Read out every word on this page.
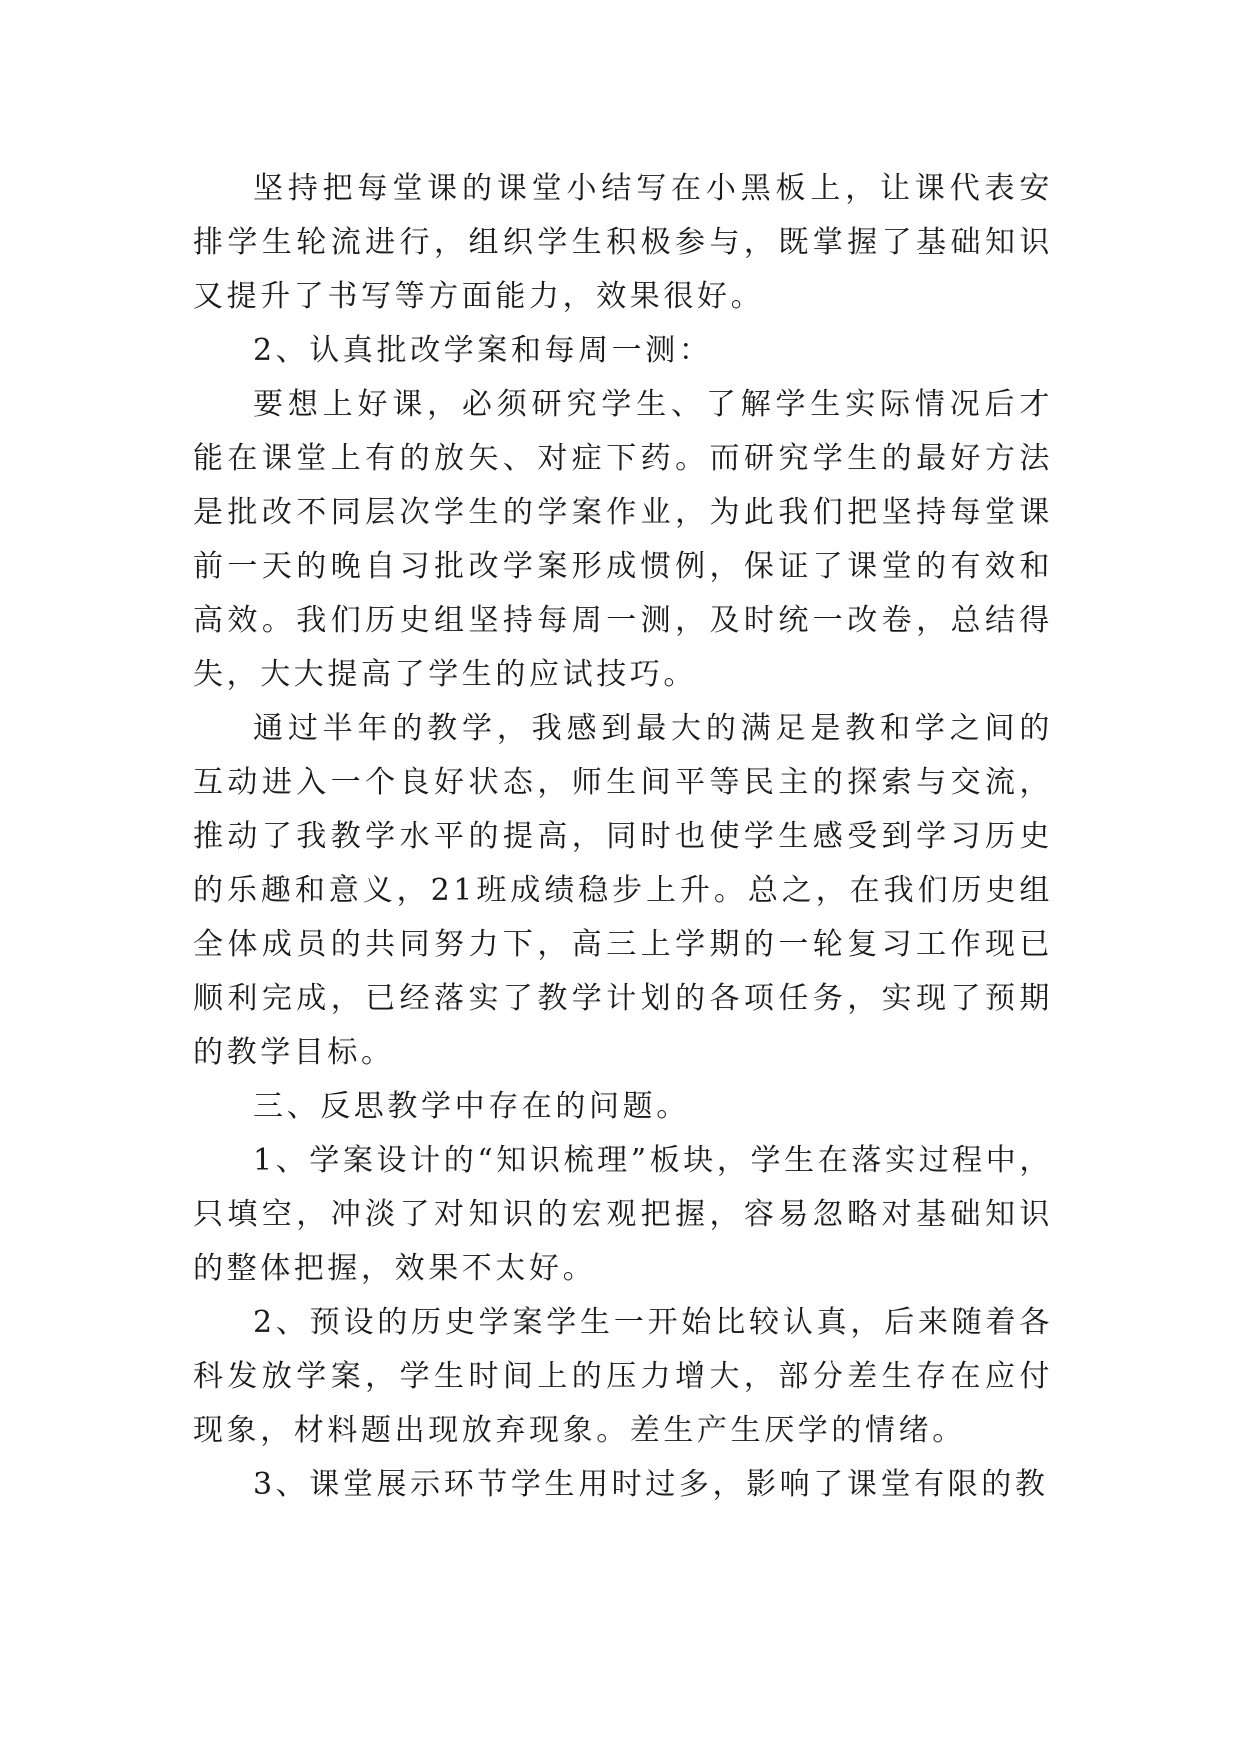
坚持把每堂课的课堂小结写在小黑板上，让课代表安排学生轮流进行，组织学生积极参与，既掌握了基础知识又提升了书写等方面能力，效果很好。

2、认真批改学案和每周一测：

要想上好课，必须研究学生、了解学生实际情况后才能在课堂上有的放矢、对症下药。而研究学生的最好方法是批改不同层次学生的学案作业，为此我们把坚持每堂课前一天的晚自习批改学案形成惯例，保证了课堂的有效和高效。我们历史组坚持每周一测，及时统一改卷，总结得失，大大提高了学生的应试技巧。

通过半年的教学，我感到最大的满足是教和学之间的互动进入一个良好状态，师生间平等民主的探索与交流，推动了我教学水平的提高，同时也使学生感受到学习历史的乐趣和意义，21班成绩稳步上升。总之，在我们历史组全体成员的共同努力下，高三上学期的一轮复习工作现已顺利完成，已经落实了教学计划的各项任务，实现了预期的教学目标。

三、反思教学中存在的问题。

1、学案设计的“知识梳理”板块，学生在落实过程中，只填空，冲淡了对知识的宏观把握，容易忽略对基础知识的整体把握，效果不太好。

2、预设的历史学案学生一开始比较认真，后来随着各科发放学案，学生时间上的压力增大，部分差生存在应付现象，材料题出现放弃现象。差生产生厌学的情绪。

3、课堂展示环节学生用时过多，影响了课堂有限的教
